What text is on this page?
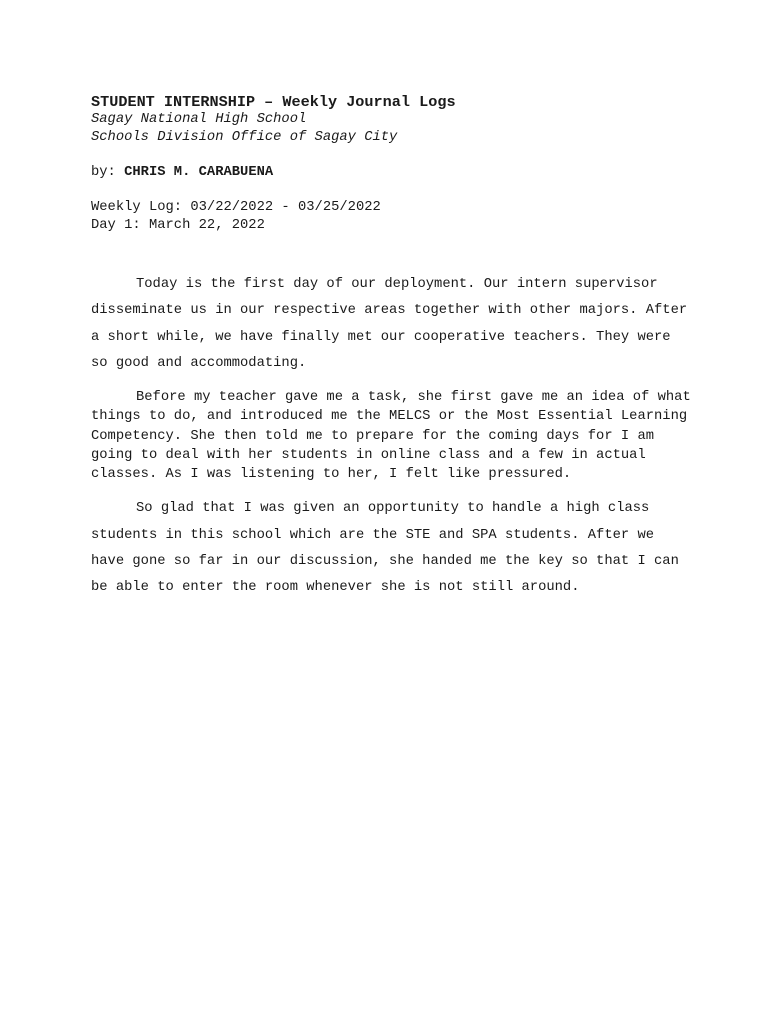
STUDENT INTERNSHIP – Weekly Journal Logs
Sagay National High School
Schools Division Office of Sagay City
by: CHRIS M. CARABUENA
Weekly Log: 03/22/2022 - 03/25/2022
Day 1: March 22, 2022

Today is the first day of our deployment. Our intern supervisor disseminate us in our respective areas together with other majors. After a short while, we have finally met our cooperative teachers. They were so good and accommodating.

Before my teacher gave me a task, she first gave me an idea of what things to do, and introduced me the MELCS or the Most Essential Learning Competency. She then told me to prepare for the coming days for I am going to deal with her students in online class and a few in actual classes. As I was listening to her, I felt like pressured.

So glad that I was given an opportunity to handle a high class students in this school which are the STE and SPA students. After we have gone so far in our discussion, she handed me the key so that I can be able to enter the room whenever she is not still around.
